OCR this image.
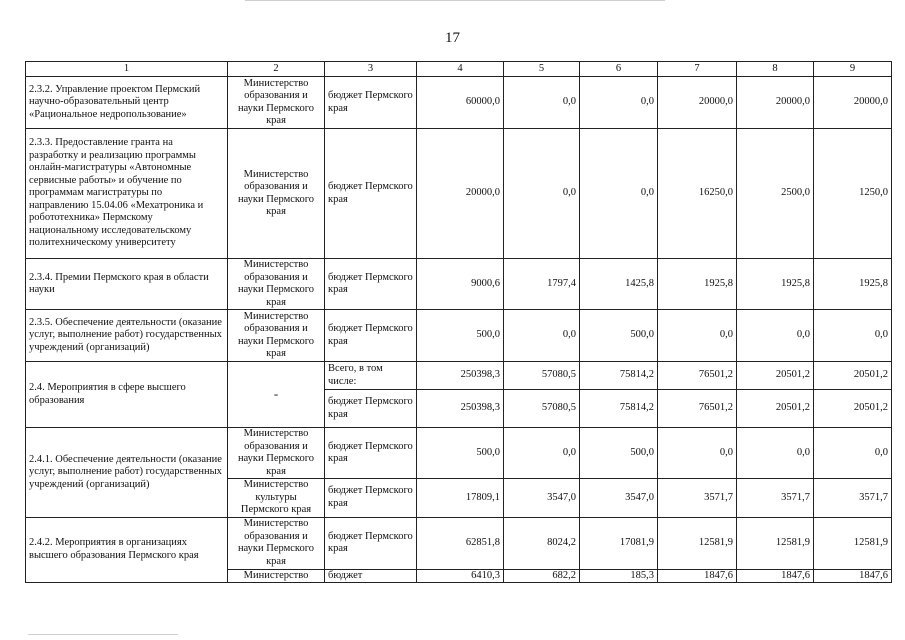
17
1	2	3	4	5	6	7	8	9
2.3.2. Управление проектом Пермский научно-образовательный центр «Рациональное недропользование»	Министерство образования и науки Пермского края	бюджет Пермского края	60000,0	0,0	0,0	20000,0	20000,0	20000,0
2.3.3. Предоставление гранта на разработку и реализацию программы онлайн-магистратуры «Автономные сервисные работы» и обучение по программам магистратуры по направлению 15.04.06 «Мехатроника и робототехника» Пермскому национальному исследовательскому политехническому университету	Министерство образования и науки Пермского края	бюджет Пермского края	20000,0	0,0	0,0	16250,0	2500,0	1250,0
2.3.4. Премии Пермского края в области науки	Министерство образования и науки Пермского края	бюджет Пермского края	9000,6	1797,4	1425,8	1925,8	1925,8	1925,8
2.3.5. Обеспечение деятельности (оказание услуг, выполнение работ) государственных учреждений (организаций)	Министерство образования и науки Пермского края	бюджет Пермского края	500,0	0,0	500,0	0,0	0,0	0,0
2.4. Мероприятия в сфере высшего образования	-	Всего, в том числе:	250398,3	57080,5	75814,2	76501,2	20501,2	20501,2
		бюджет Пермского края	250398,3	57080,5	75814,2	76501,2	20501,2	20501,2
2.4.1. Обеспечение деятельности (оказание услуг, выполнение работ) государственных учреждений (организаций)	Министерство образования и науки Пермского края	бюджет Пермского края	500,0	0,0	500,0	0,0	0,0	0,0
	Министерство культуры Пермского края	бюджет Пермского края	17809,1	3547,0	3547,0	3571,7	3571,7	3571,7
2.4.2. Мероприятия в организациях высшего образования Пермского края	Министерство образования и науки Пермского края	бюджет Пермского края	62851,8	8024,2	17081,9	12581,9	12581,9	12581,9
	Министерство	бюджет	6410,3	682,2	185,3	1847,6	1847,6	1847,6
